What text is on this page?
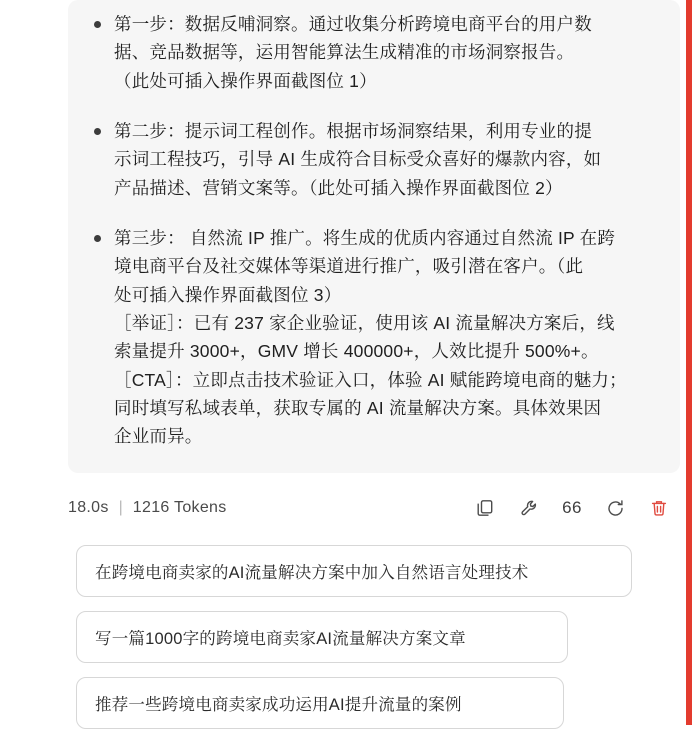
第一步：数据反哺洞察。通过收集分析跨境电商平台的用户数
据、竞品数据等，运用智能算法生成精准的市场洞察报告。
（此处可插入操作界面截图位 1）
第二步：提示词工程创作。根据市场洞察结果，利用专业的提
示词工程技巧，引导 AI 生成符合目标受众喜好的爆款内容，如
产品描述、营销文案等。（此处可插入操作界面截图位 2）
第三步： 自然流 IP 推广。将生成的优质内容通过自然流 IP 在跨
境电商平台及社交媒体等渠道进行推广，吸引潜在客户。（此
处可插入操作界面截图位 3）
［举证］：已有 237 家企业验证，使用该 AI 流量解决方案后，线
索量提升 3000+，GMV 增长 400000+，人效比提升 500%+。
［CTA］：立即点击技术验证入口，体验 AI 赋能跨境电商的魅力；
同时填写私域表单，获取专属的 AI 流量解决方案。具体效果因
企业而异。
18.0s | 1216 Tokens	66
在跨境电商卖家的AI流量解决方案中加入自然语言处理技术 写一篇1000字的跨境电商卖家AI流量解决方案文章 推荐一些跨境电商卖家成功运用AI提升流量的案例
